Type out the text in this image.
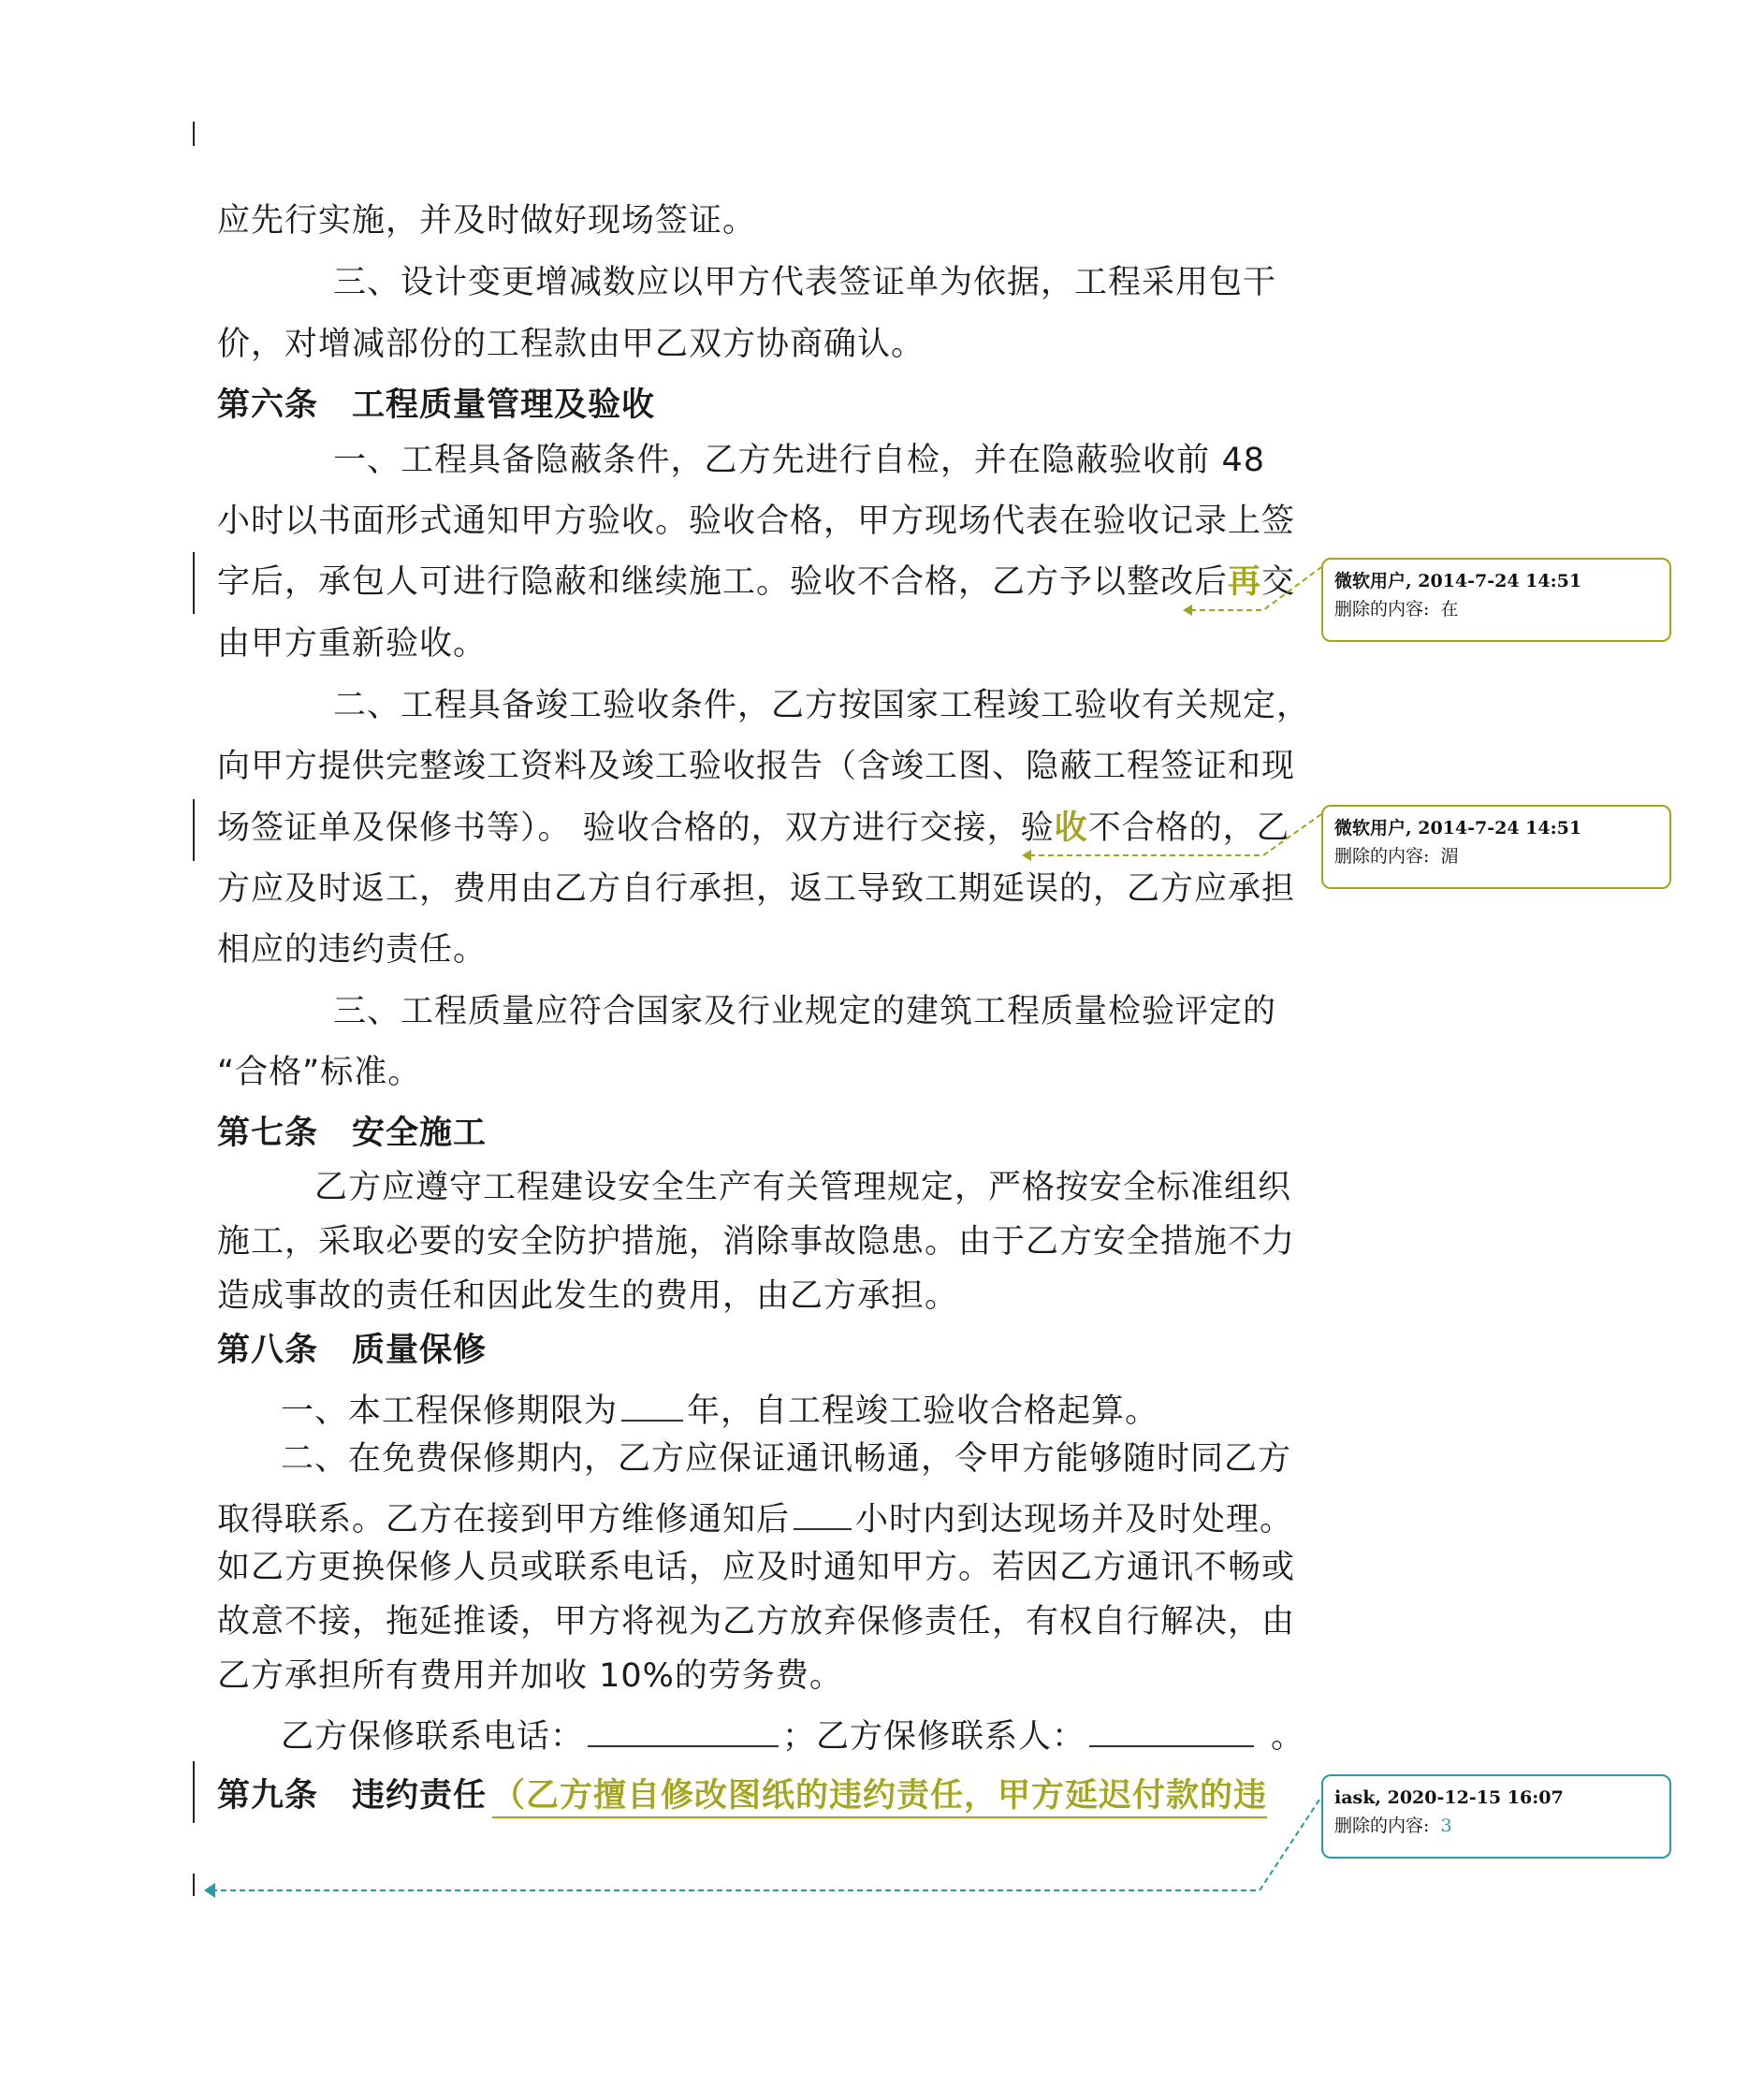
应先行实施，并及时做好现场签证。
三、设计变更增减数应以甲方代表签证单为依据，工程采用包干
价，对增减部份的工程款由甲乙双方协商确认。
第六条　工程质量管理及验收
一、工程具备隐蔽条件，乙方先进行自检，并在隐蔽验收前 48
小时以书面形式通知甲方验收。验收合格，甲方现场代表在验收记录上签
字后，承包人可进行隐蔽和继续施工。验收不合格，乙方予以整改后再交
由甲方重新验收。
二、工程具备竣工验收条件，乙方按国家工程竣工验收有关规定，
向甲方提供完整竣工资料及竣工验收报告（含竣工图、隐蔽工程签证和现
场签证单及保修书等）。 验收合格的，双方进行交接，验收不合格的，乙
方应及时返工，费用由乙方自行承担，返工导致工期延误的，乙方应承担
相应的违约责任。
三、工程质量应符合国家及行业规定的建筑工程质量检验评定的
“合格”标准。
第七条　安全施工
乙方应遵守工程建设安全生产有关管理规定，严格按安全标准组织
施工，采取必要的安全防护措施，消除事故隐患。由于乙方安全措施不力
造成事故的责任和因此发生的费用，由乙方承担。
第八条　质量保修
一、本工程保修期限为 年，自工程竣工验收合格起算。
二、在免费保修期内，乙方应保证通讯畅通，令甲方能够随时同乙方
取得联系。乙方在接到甲方维修通知后 小时内到达现场并及时处理。
如乙方更换保修人员或联系电话，应及时通知甲方。若因乙方通讯不畅或
故意不接，拖延推诿，甲方将视为乙方放弃保修责任，有权自行解决，由
乙方承担所有费用并加收 10%的劳务费。
乙方保修联系电话：	；乙方保修联系人：	。
第九条　违约责任 （乙方擅自修改图纸的违约责任，甲方延迟付款的违
微软用户, 2014-7-24 14:51
删除的内容: 在
微软用户, 2014-7-24 14:51
删除的内容: 湄
iask, 2020-12-15 16:07
删除的内容: 3
